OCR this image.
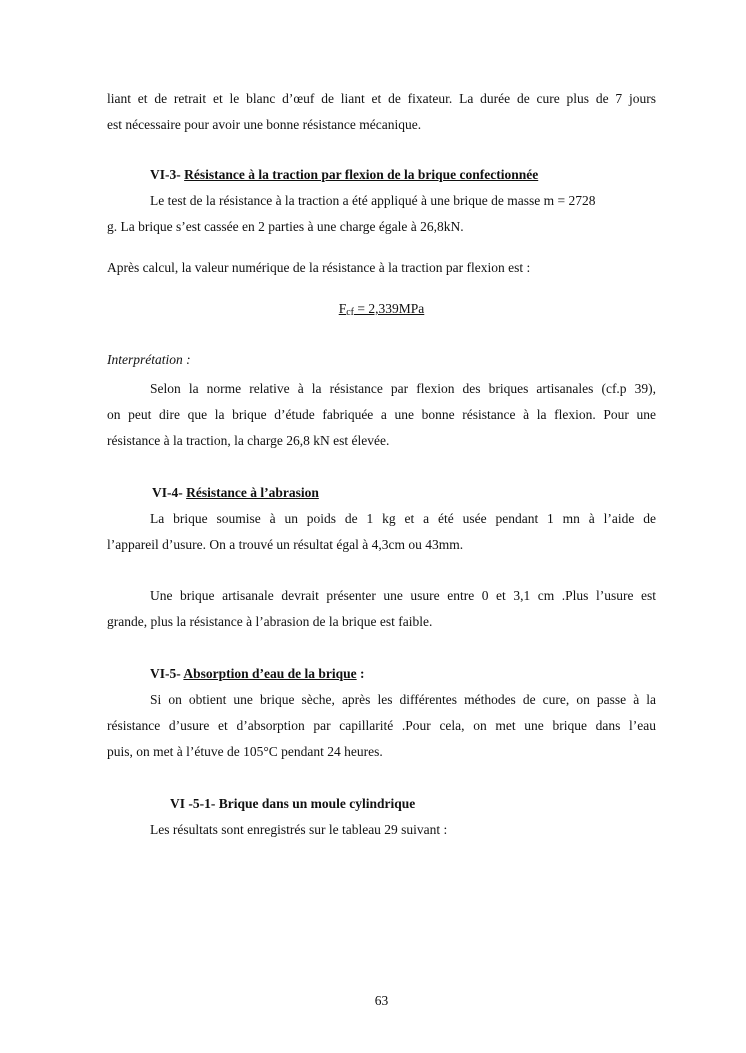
liant et de retrait et le blanc d’œuf de liant et de fixateur. La durée de cure plus de 7 jours
est nécessaire pour avoir une bonne résistance mécanique.
VI-3- Résistance à la traction par flexion de la brique confectionnée
Le test de la résistance à la traction a été appliqué à une brique de masse m = 2728
g. La brique s’est cassée en 2 parties à une charge égale à 26,8kN.
Après calcul, la valeur numérique de la résistance à la traction par flexion est :
$F_{cf} = 2,339MPa$
Interprétation :
Selon la norme relative à la résistance par flexion des briques artisanales (cf.p 39),
on peut dire que la brique d’étude fabriquée a une bonne résistance à la flexion. Pour une
résistance à la traction, la charge 26,8 kN est élevée.
VI-4- Résistance à l’abrasion
La brique soumise à un poids de 1 kg et a été usée pendant 1 mn à l’aide de
l’appareil d’usure. On a trouvé un résultat égal à 4,3cm ou 43mm.
Une brique artisanale devrait présenter une usure entre 0 et 3,1 cm .Plus l’usure est
grande, plus la résistance à l’abrasion de la brique est faible.
VI-5- Absorption d’eau de la brique :
Si on obtient une brique sèche, après les différentes méthodes de cure, on passe à la
résistance d’usure et d’absorption par capillarité .Pour cela, on met une brique dans l’eau
puis, on met à l’étuve de 105°C pendant 24 heures.
VI -5-1- Brique dans un moule cylindrique
Les résultats sont enregistrés sur le tableau 29 suivant :
63
